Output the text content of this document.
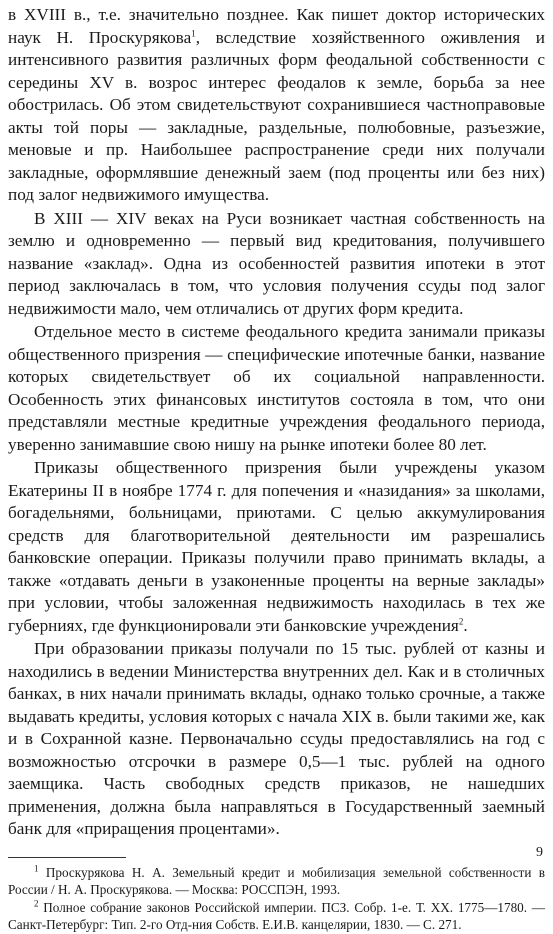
в XVIII в., т.е. значительно позднее. Как пишет доктор исторических наук Н. Проскурякова$^1$, вследствие хозяйственного оживления и интенсивного развития различных форм феодальной собственности с середины XV в. возрос интерес феодалов к земле, борьба за нее обострилась. Об этом свидетельствуют сохранившиеся частноправовые акты той поры — закладные, раздельные, полюбовные, разъезжие, меновые и пр. Наибольшее распространение среди них получали закладные, оформлявшие денежный заем (под проценты или без них) под залог недвижимого имущества.

В XIII — XIV веках на Руси возникает частная собственность на землю и одновременно — первый вид кредитования, получившего название «заклад». Одна из особенностей развития ипотеки в этот период заключалась в том, что условия получения ссуды под залог недвижимости мало, чем отличались от других форм кредита.

Отдельное место в системе феодального кредита занимали приказы общественного призрения — специфические ипотечные банки, название которых свидетельствует об их социальной направленности. Особенность этих финансовых институтов состояла в том, что они представляли местные кредитные учреждения феодального периода, уверенно занимавшие свою нишу на рынке ипотеки более 80 лет.

Приказы общественного призрения были учреждены указом Екатерины II в ноябре 1774 г. для попечения и «назидания» за школами, богадельнями, больницами, приютами. С целью аккумулирования средств для благотворительной деятельности им разрешались банковские операции. Приказы получили право принимать вклады, а также «отдавать деньги в узаконенные проценты на верные заклады» при условии, чтобы заложенная недвижимость находилась в тех же губерниях, где функционировали эти банковские учреждения$^2$.

При образовании приказы получали по 15 тыс. рублей от казны и находились в ведении Министерства внутренних дел. Как и в столичных банках, в них начали принимать вклады, однако только срочные, а также выдавать кредиты, условия которых с начала XIX в. были такими же, как и в Сохранной казне. Первоначально ссуды предоставлялись на год с возможностью отсрочки в размере 0,5—1 тыс. рублей на одного заемщика. Часть свободных средств приказов, не нашедших применения, должна была направляться в Государственный заемный банк для «приращения процентами».

$^1$ Проскурякова Н. А. Земельный кредит и мобилизация земельной собственности в России / Н. А. Проскурякова. — Москва: РОССПЭН, 1993.

$^2$ Полное собрание законов Российской империи. ПСЗ. Собр. 1-е. Т. XX. 1775—1780. — Санкт-Петербург: Тип. 2-го Отд-ния Собств. Е.И.В. канцелярии, 1830. — С. 271.

9
